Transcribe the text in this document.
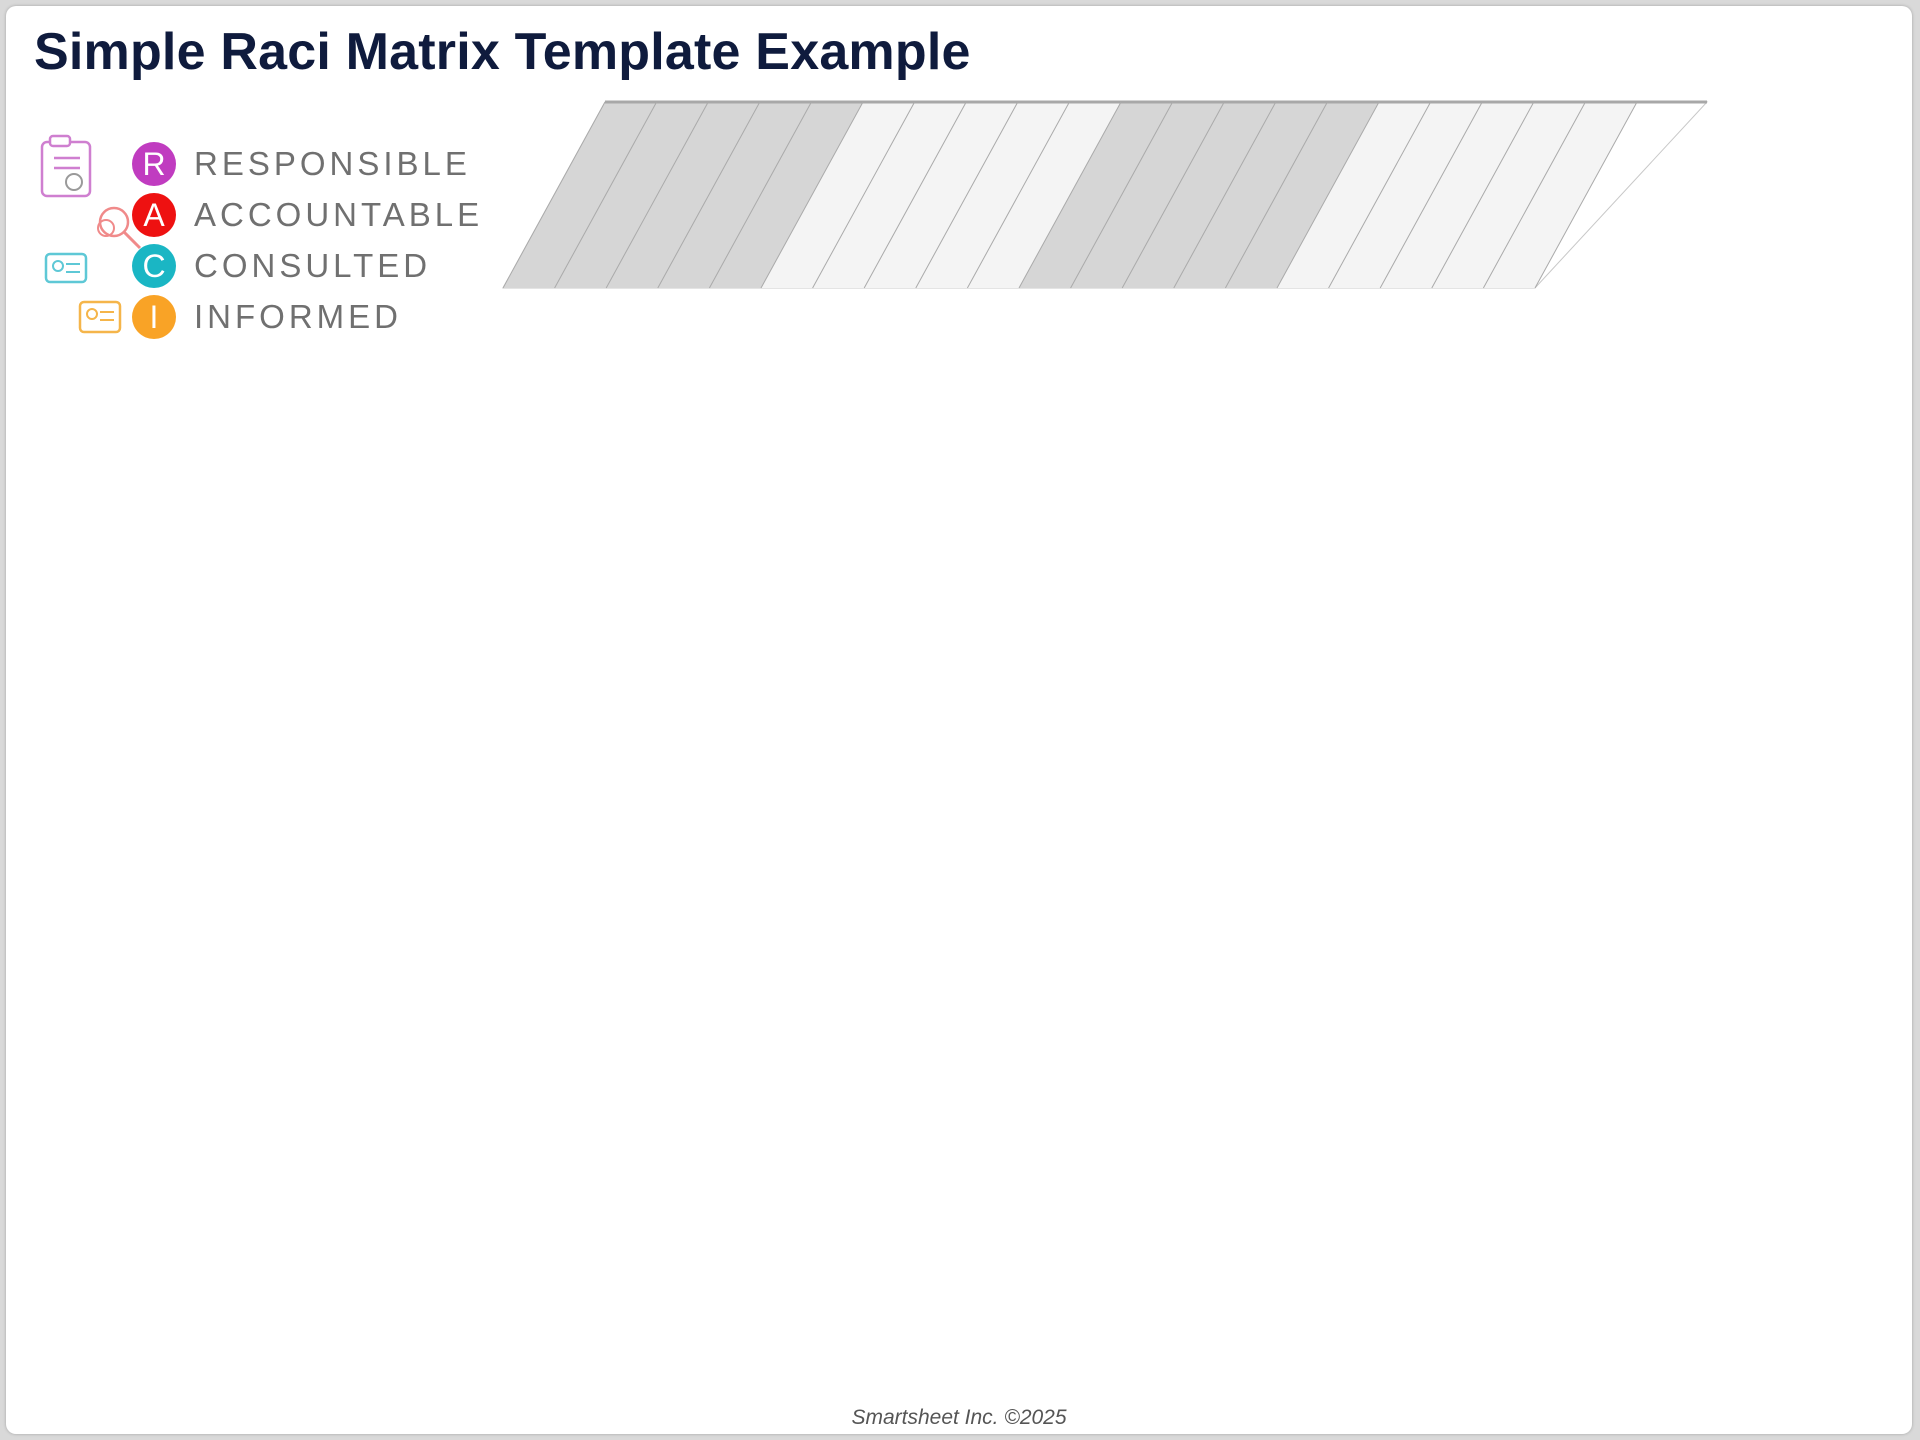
Simple Raci Matrix Template Example
R RESPONSIBLE
A ACCOUNTABLE
C CONSULTED
I	INFORMED
Smartsheet Inc. ©2025
